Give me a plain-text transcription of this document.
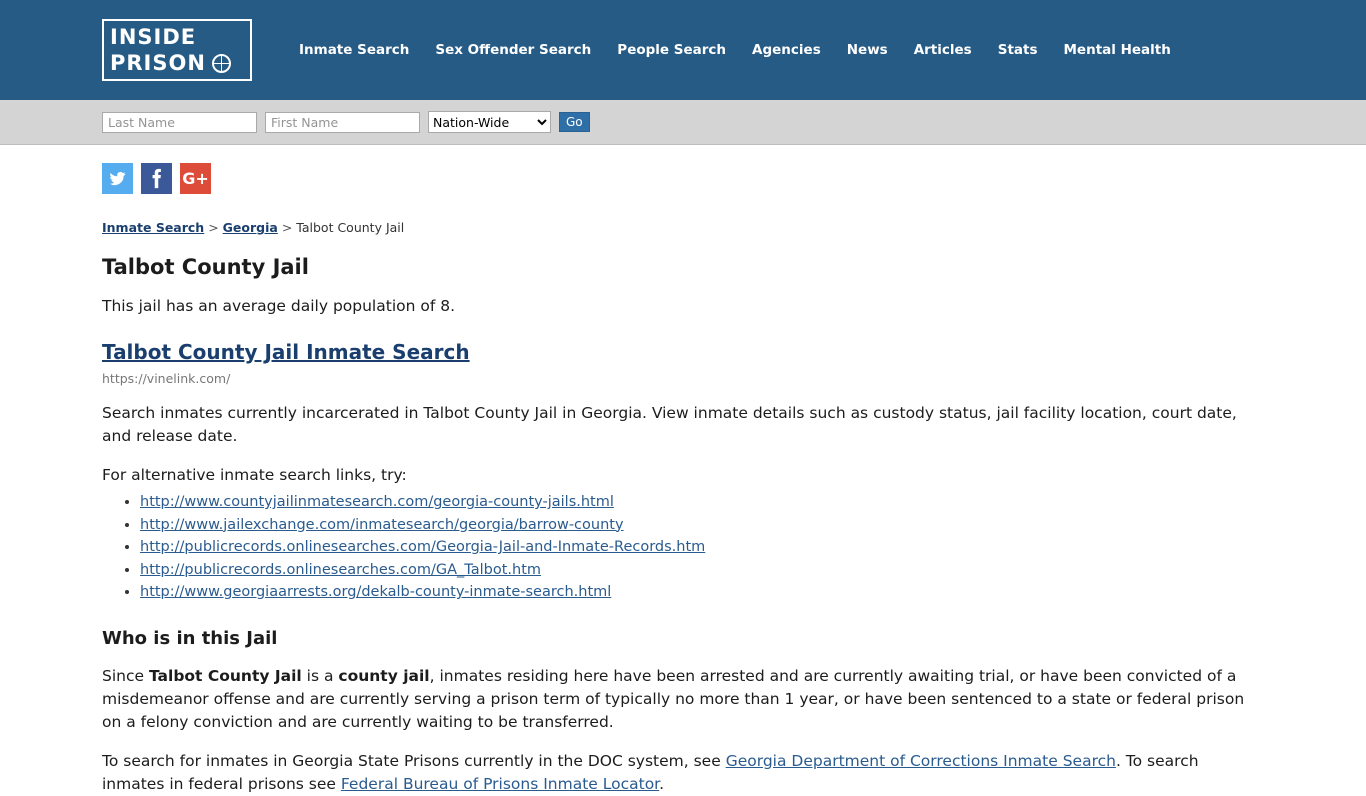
INSIDE
PRISON
Inmate Search	Sex Offender Search	People Search	Agencies	News	Articles	Stats	Mental Health
Last Name
First Name
Nation-Wide
Go
G+
Inmate Search > Georgia > Talbot County Jail
Talbot County Jail

This jail has an average daily population of 8.

Talbot County Jail Inmate Search
https://vinelink.com/

Search inmates currently incarcerated in Talbot County Jail in Georgia. View inmate details such as custody status, jail facility location, court date, and release date.

For alternative inmate search links, try:

• http://www.countyjailinmatesearch.com/georgia-county-jails.html
• http://www.jailexchange.com/inmatesearch/georgia/barrow-county
• http://publicrecords.onlinesearches.com/Georgia-Jail-and-Inmate-Records.htm
• http://publicrecords.onlinesearches.com/GA_Talbot.htm
• http://www.georgiaarrests.org/dekalb-county-inmate-search.html
Who is in this Jail

Since Talbot County Jail is a county jail, inmates residing here have been arrested and are currently awaiting trial, or have been convicted of a misdemeanor offense and are currently serving a prison term of typically no more than 1 year, or have been sentenced to a state or federal prison on a felony conviction and are currently waiting to be transferred.

To search for inmates in Georgia State Prisons currently in the DOC system, see Georgia Department of Corrections Inmate Search. To search inmates in federal prisons see Federal Bureau of Prisons Inmate Locator.
